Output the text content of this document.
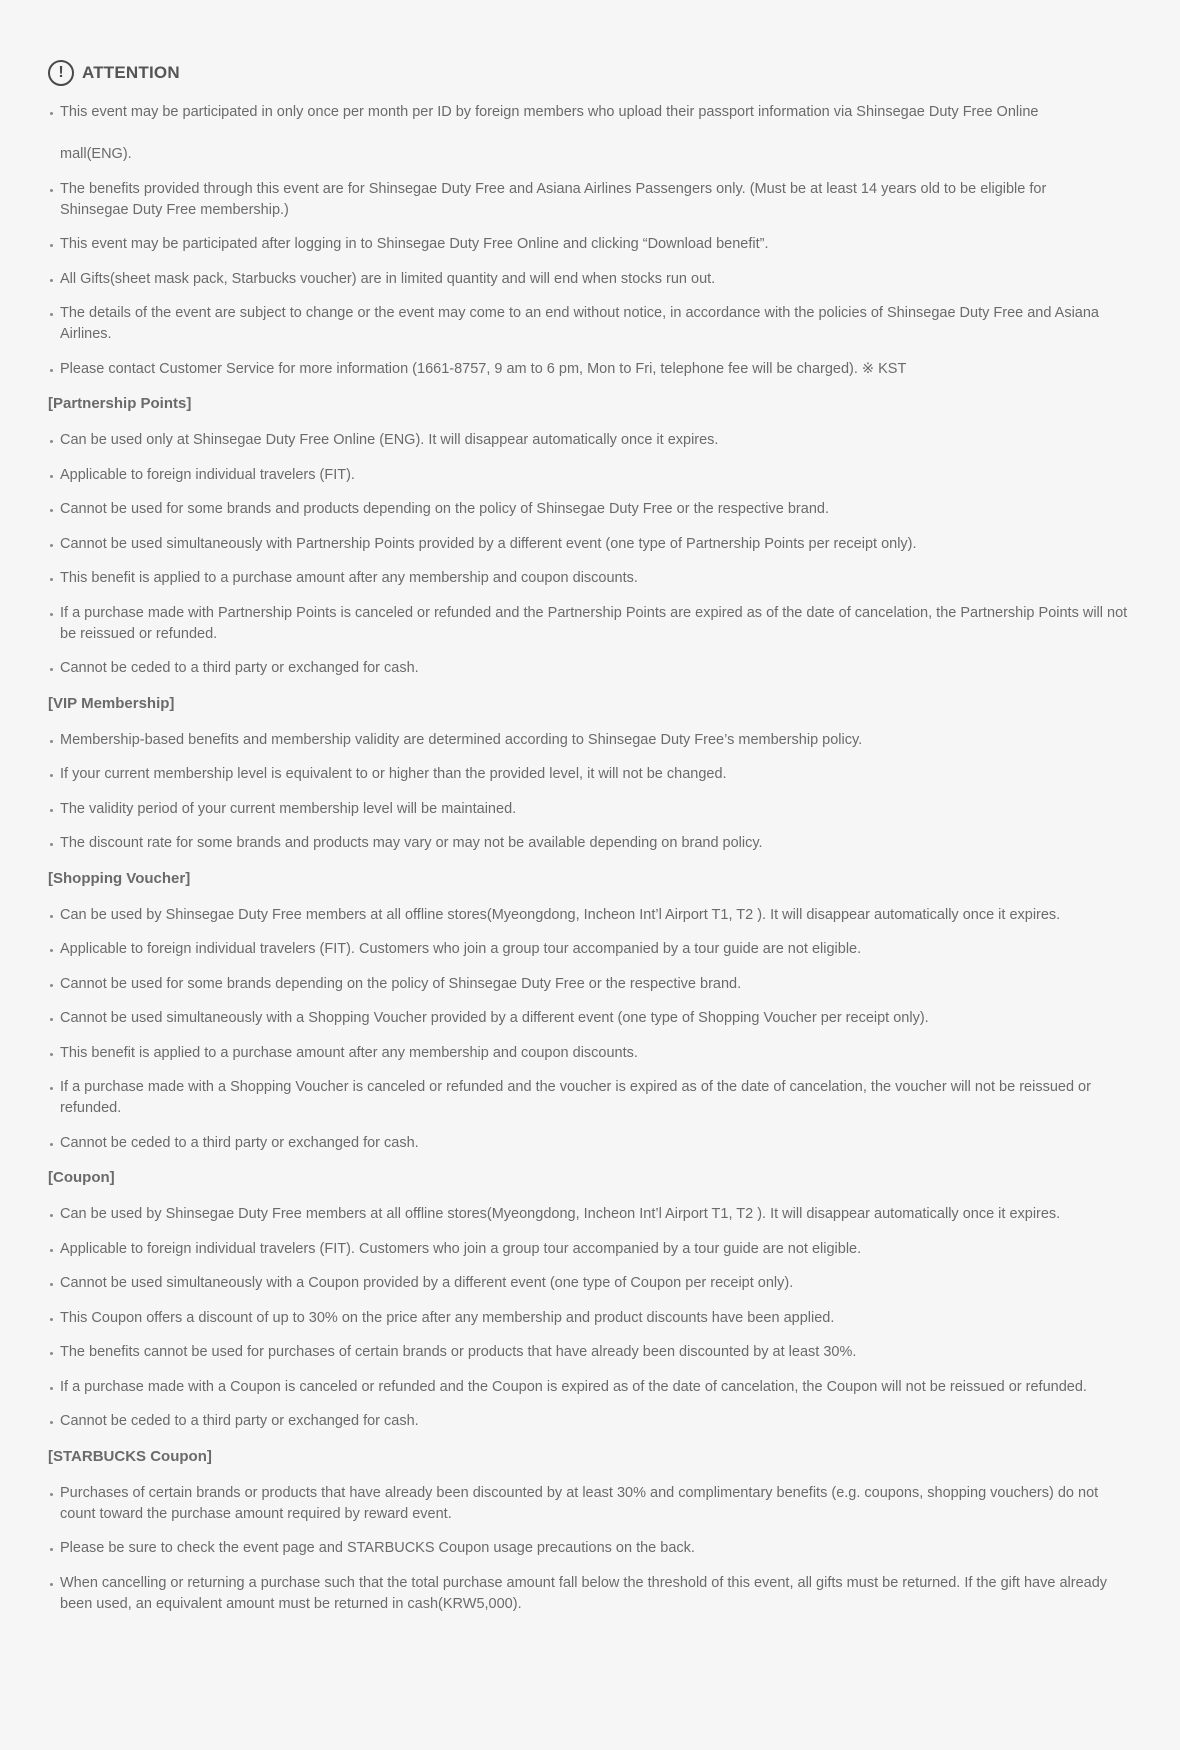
! ATTENTION
This event may be participated in only once per month per ID by foreign members who upload their passport information via Shinsegae Duty Free Online
mall(ENG).
The benefits provided through this event are for Shinsegae Duty Free and Asiana Airlines Passengers only. (Must be at least 14 years old to be eligible for
Shinsegae Duty Free membership.)
This event may be participated after logging in to Shinsegae Duty Free Online and clicking “Download benefit”.
All Gifts(sheet mask pack, Starbucks voucher) are in limited quantity and will end when stocks run out.
The details of the event are subject to change or the event may come to an end without notice, in accordance with the policies of Shinsegae Duty Free and Asiana Airlines.
Please contact Customer Service for more information (1661-8757, 9 am to 6 pm, Mon to Fri, telephone fee will be charged). ※ KST
[Partnership Points]
Can be used only at Shinsegae Duty Free Online (ENG). It will disappear automatically once it expires.
Applicable to foreign individual travelers (FIT).
Cannot be used for some brands and products depending on the policy of Shinsegae Duty Free or the respective brand.
Cannot be used simultaneously with Partnership Points provided by a different event (one type of Partnership Points per receipt only).
This benefit is applied to a purchase amount after any membership and coupon discounts.
If a purchase made with Partnership Points is canceled or refunded and the Partnership Points are expired as of the date of cancelation, the Partnership Points will not be reissued or refunded.
Cannot be ceded to a third party or exchanged for cash.
[VIP Membership]
Membership-based benefits and membership validity are determined according to Shinsegae Duty Free’s membership policy.
If your current membership level is equivalent to or higher than the provided level, it will not be changed.
The validity period of your current membership level will be maintained.
The discount rate for some brands and products may vary or may not be available depending on brand policy.
[Shopping Voucher]
Can be used by Shinsegae Duty Free members at all offline stores(Myeongdong, Incheon Int’l Airport T1, T2 ). It will disappear automatically once it expires.
Applicable to foreign individual travelers (FIT). Customers who join a group tour accompanied by a tour guide are not eligible.
Cannot be used for some brands depending on the policy of Shinsegae Duty Free or the respective brand.
Cannot be used simultaneously with a Shopping Voucher provided by a different event (one type of Shopping Voucher per receipt only).
This benefit is applied to a purchase amount after any membership and coupon discounts.
If a purchase made with a Shopping Voucher is canceled or refunded and the voucher is expired as of the date of cancelation, the voucher will not be reissued or refunded.
Cannot be ceded to a third party or exchanged for cash.
[Coupon]
Can be used by Shinsegae Duty Free members at all offline stores(Myeongdong, Incheon Int’l Airport T1, T2 ). It will disappear automatically once it expires.
Applicable to foreign individual travelers (FIT). Customers who join a group tour accompanied by a tour guide are not eligible.
Cannot be used simultaneously with a Coupon provided by a different event (one type of Coupon per receipt only).
This Coupon offers a discount of up to 30% on the price after any membership and product discounts have been applied.
The benefits cannot be used for purchases of certain brands or products that have already been discounted by at least 30%.
If a purchase made with a Coupon is canceled or refunded and the Coupon is expired as of the date of cancelation, the Coupon will not be reissued or refunded.
Cannot be ceded to a third party or exchanged for cash.
[STARBUCKS Coupon]
Purchases of certain brands or products that have already been discounted by at least 30% and complimentary benefits (e.g. coupons, shopping vouchers) do not count toward the purchase amount required by reward event.
Please be sure to check the event page and STARBUCKS Coupon usage precautions on the back.
When cancelling or returning a purchase such that the total purchase amount fall below the threshold of this event, all gifts must be returned. If the gift have already been used, an equivalent amount must be returned in cash(KRW5,000).
